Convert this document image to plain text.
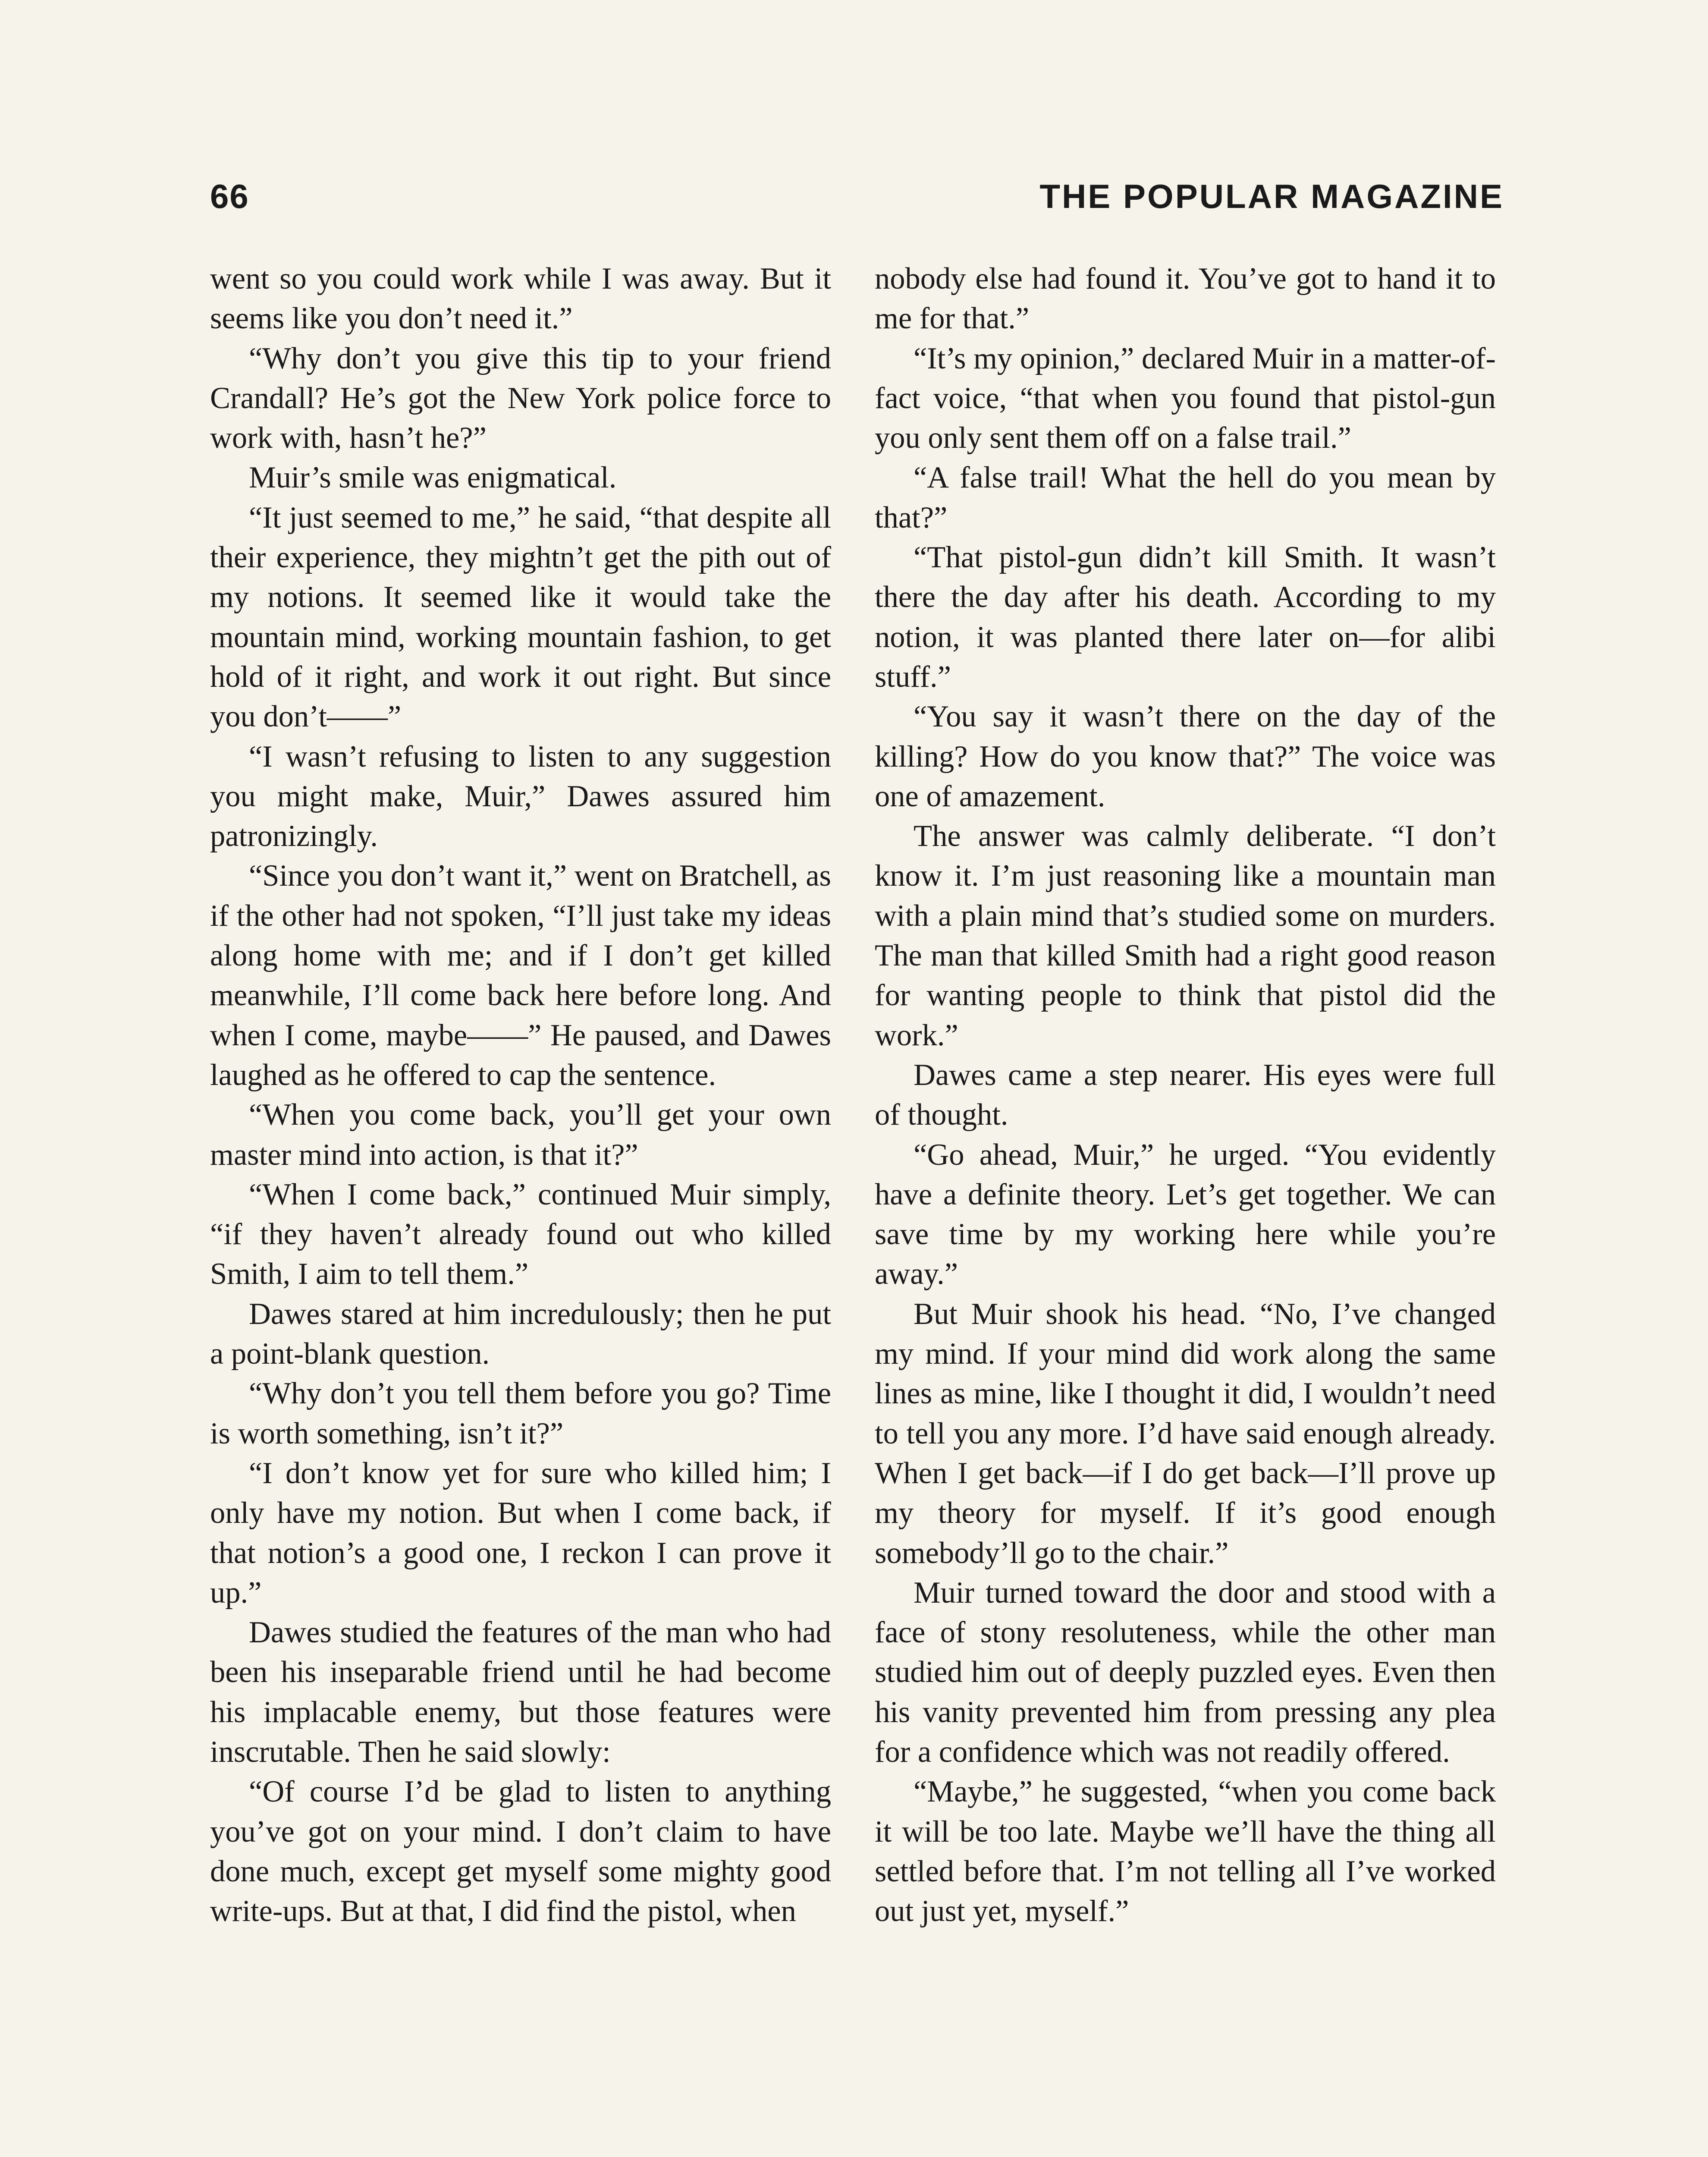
66	THE POPULAR MAGAZINE

went so you could work while I was away. But it seems like you don’t need it.”

“Why don’t you give this tip to your friend Crandall? He’s got the New York police force to work with, hasn’t he?”

Muir’s smile was enigmatical.

“It just seemed to me,” he said, “that despite all their experience, they mightn’t get the pith out of my notions. It seemed like it would take the mountain mind, working mountain fashion, to get hold of it right, and work it out right. But since you don’t——”

“I wasn’t refusing to listen to any suggestion you might make, Muir,” Dawes assured him patronizingly.

“Since you don’t want it,” went on Bratchell, as if the other had not spoken, “I’ll just take my ideas along home with me; and if I don’t get killed meanwhile, I’ll come back here before long. And when I come, maybe——” He paused, and Dawes laughed as he offered to cap the sentence.

“When you come back, you’ll get your own master mind into action, is that it?”

“When I come back,” continued Muir simply, “if they haven’t already found out who killed Smith, I aim to tell them.”

Dawes stared at him incredulously; then he put a point-blank question.

“Why don’t you tell them before you go? Time is worth something, isn’t it?”

“I don’t know yet for sure who killed him; I only have my notion. But when I come back, if that notion’s a good one, I reckon I can prove it up.”

Dawes studied the features of the man who had been his inseparable friend until he had become his implacable enemy, but those features were inscrutable. Then he said slowly:

“Of course I’d be glad to listen to anything you’ve got on your mind. I don’t claim to have done much, except get myself some mighty good write-ups. But at that, I did find the pistol, when

nobody else had found it. You’ve got to hand it to me for that.”

“It’s my opinion,” declared Muir in a matter-of-fact voice, “that when you found that pistol-gun you only sent them off on a false trail.”

“A false trail! What the hell do you mean by that?”

“That pistol-gun didn’t kill Smith. It wasn’t there the day after his death. According to my notion, it was planted there later on—for alibi stuff.”

“You say it wasn’t there on the day of the killing? How do you know that?” The voice was one of amazement.

The answer was calmly deliberate. “I don’t know it. I’m just reasoning like a mountain man with a plain mind that’s studied some on murders. The man that killed Smith had a right good reason for wanting people to think that pistol did the work.”

Dawes came a step nearer. His eyes were full of thought.

“Go ahead, Muir,” he urged. “You evidently have a definite theory. Let’s get together. We can save time by my working here while you’re away.”

But Muir shook his head. “No, I’ve changed my mind. If your mind did work along the same lines as mine, like I thought it did, I wouldn’t need to tell you any more. I’d have said enough already. When I get back—if I do get back—I’ll prove up my theory for myself. If it’s good enough somebody’ll go to the chair.”

Muir turned toward the door and stood with a face of stony resoluteness, while the other man studied him out of deeply puzzled eyes. Even then his vanity prevented him from pressing any plea for a confidence which was not readily offered.

“Maybe,” he suggested, “when you come back it will be too late. Maybe we’ll have the thing all settled before that. I’m not telling all I’ve worked out just yet, myself.”
